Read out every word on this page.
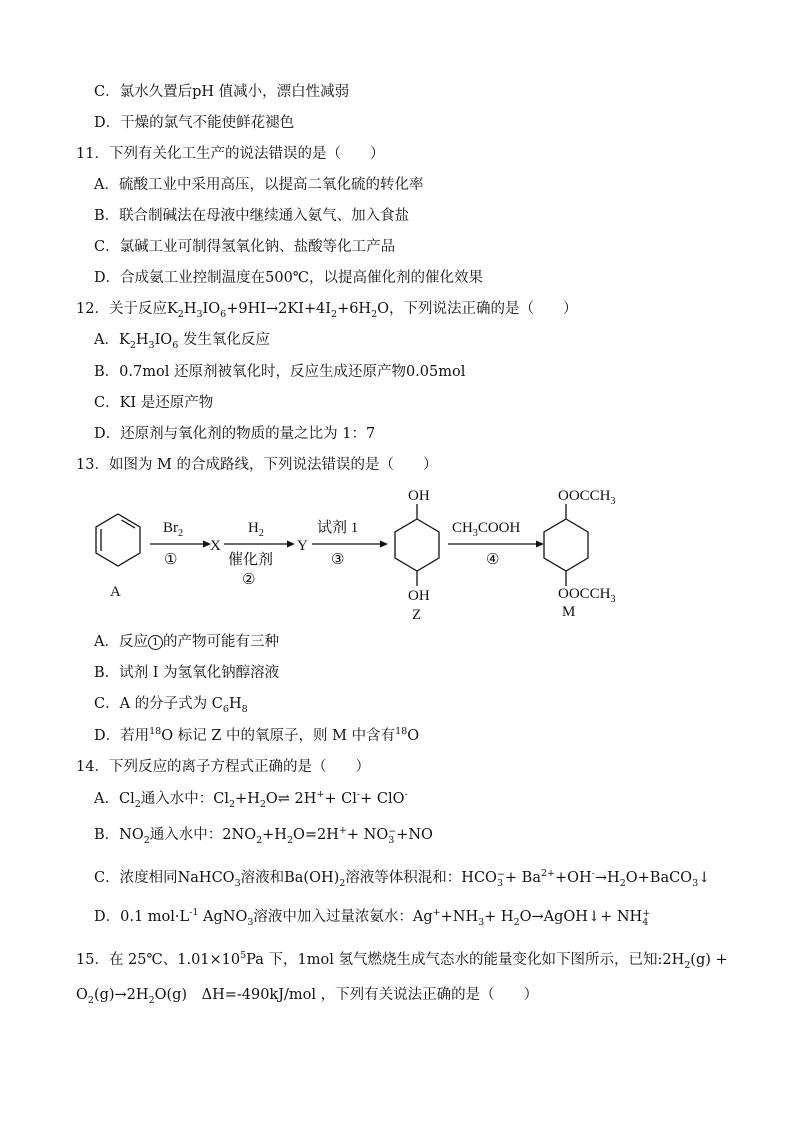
C．氯水久置后pH 值减小，漂白性减弱
D．干燥的氯气不能使鲜花褪色
11．下列有关化工生产的说法错误的是（　　）
A．硫酸工业中采用高压，以提高二氧化硫的转化率
B．联合制碱法在母液中继续通入氨气、加入食盐
C．氯碱工业可制得氢氧化钠、盐酸等化工产品
D．合成氨工业控制温度在500℃，以提高催化剂的催化效果
12．关于反应$K_2H_3IO_6+9HI\to 2KI+4I_2+6H_2O$，下列说法正确的是（　　）
A．$K_2H_3IO_6$ 发生氧化反应
B．0.7mol 还原剂被氧化时，反应生成还原产物0.05mol
C．KI 是还原产物
D．还原剂与氧化剂的物质的量之比为 1：7
13．如图为 M 的合成路线，下列说法错误的是（　　）
A
$Br_2$
①
X
$H_2$
催化剂
②
Y
试剂 1
③
OH
OH
Z
$CH_3COOH$
④
$OOCCH_3$
$OOCCH_3$
M
A．反应 1 的产物可能有三种
B．试剂 I 为氢氧化钠醇溶液
C．A 的分子式为 $C_6H_8$
D．若用$^{18}$O 标记 Z 中的氧原子，则 M 中含有$^{18}$O
14．下列反应的离子方程式正确的是（　　）
A．$Cl_2$通入水中：$Cl_2+H_2O\rightleftharpoons$ 2H++ Cl-+ ClO-
B．$NO_2$通入水中：$2NO_2+H_2O=2H^++ NO-$
3 +NO
C．浓度相同NaHCO$_3$溶液和$Ba(OH)_2$溶液等体积混和：HCO−
$3 + Ba^{2+}+OH^-\to H_2O+BaCO_3↓$
D．0.1 $mol\cdot L^{-1}$ AgNO$_3$溶液中加入过量浓氨水：$Ag^++NH_3+$ $H_2O\to AgOH↓+ NH+$
4
15．在 25℃、$1.01\times 10^5Pa$ 下，1mol 氢气燃烧生成气态水的能量变化如下图所示，已知$:2H_2(g)$ +
$O_2(g)\to 2H_2O(g)$　ΔH=-490kJ/mol ，下列有关说法正确的是（　　）
